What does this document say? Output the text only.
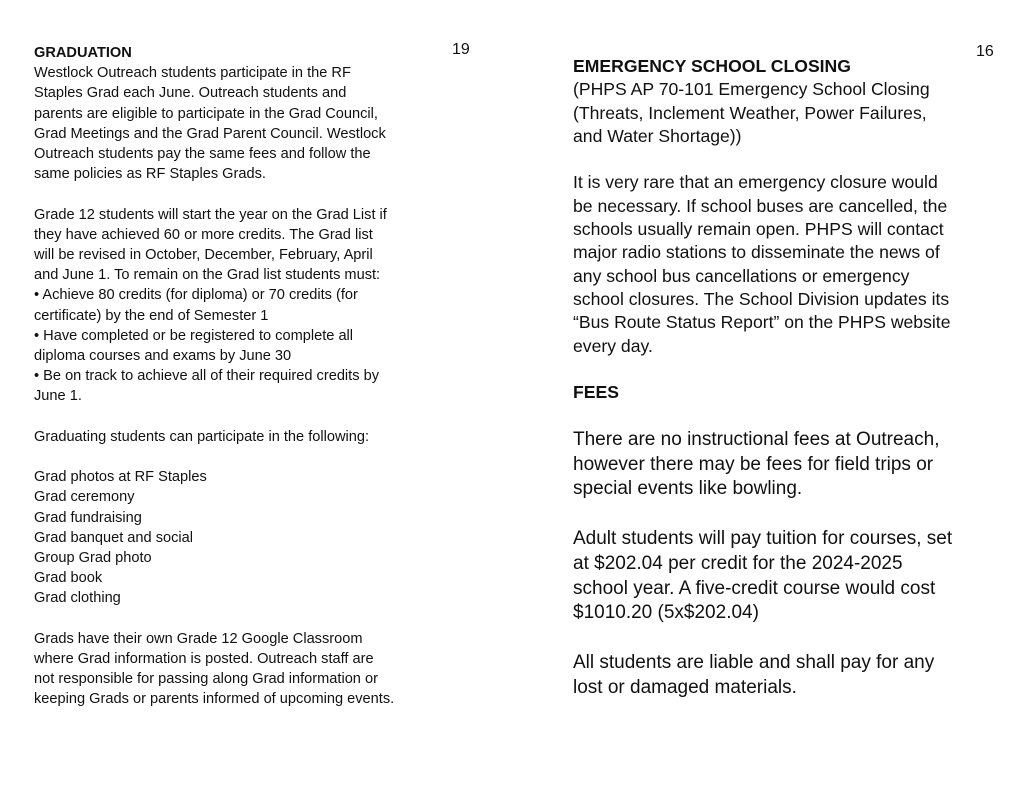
19	16
GRADUATION
Westlock Outreach students participate in the RF
Staples Grad each June. Outreach students and
parents are eligible to participate in the Grad Council,
Grad Meetings and the Grad Parent Council. Westlock
Outreach students pay the same fees and follow the
same policies as RF Staples Grads.
Grade 12 students will start the year on the Grad List if
they have achieved 60 or more credits. The Grad list
will be revised in October, December, February, April
and June 1. To remain on the Grad list students must:
• Achieve 80 credits (for diploma) or 70 credits (for
certificate) by the end of Semester 1
• Have completed or be registered to complete all
diploma courses and exams by June 30
• Be on track to achieve all of their required credits by
June 1.
Graduating students can participate in the following:
Grad photos at RF Staples
Grad ceremony
Grad fundraising
Grad banquet and social
Group Grad photo
Grad book
Grad clothing
Grads have their own Grade 12 Google Classroom
where Grad information is posted. Outreach staff are
not responsible for passing along Grad information or
keeping Grads or parents informed of upcoming events.
EMERGENCY SCHOOL CLOSING
(PHPS AP 70-101 Emergency School Closing
(Threats, Inclement Weather, Power Failures,
and Water Shortage))
It is very rare that an emergency closure would
be necessary. If school buses are cancelled, the
schools usually remain open. PHPS will contact
major radio stations to disseminate the news of
any school bus cancellations or emergency
school closures. The School Division updates its
“Bus Route Status Report” on the PHPS website
every day.
FEES
There are no instructional fees at Outreach,
however there may be fees for field trips or
special events like bowling.
Adult students will pay tuition for courses, set
at $202.04 per credit for the 2024-2025
school year. A five-credit course would cost
$1010.20 (5x$202.04)
All students are liable and shall pay for any
lost or damaged materials.
